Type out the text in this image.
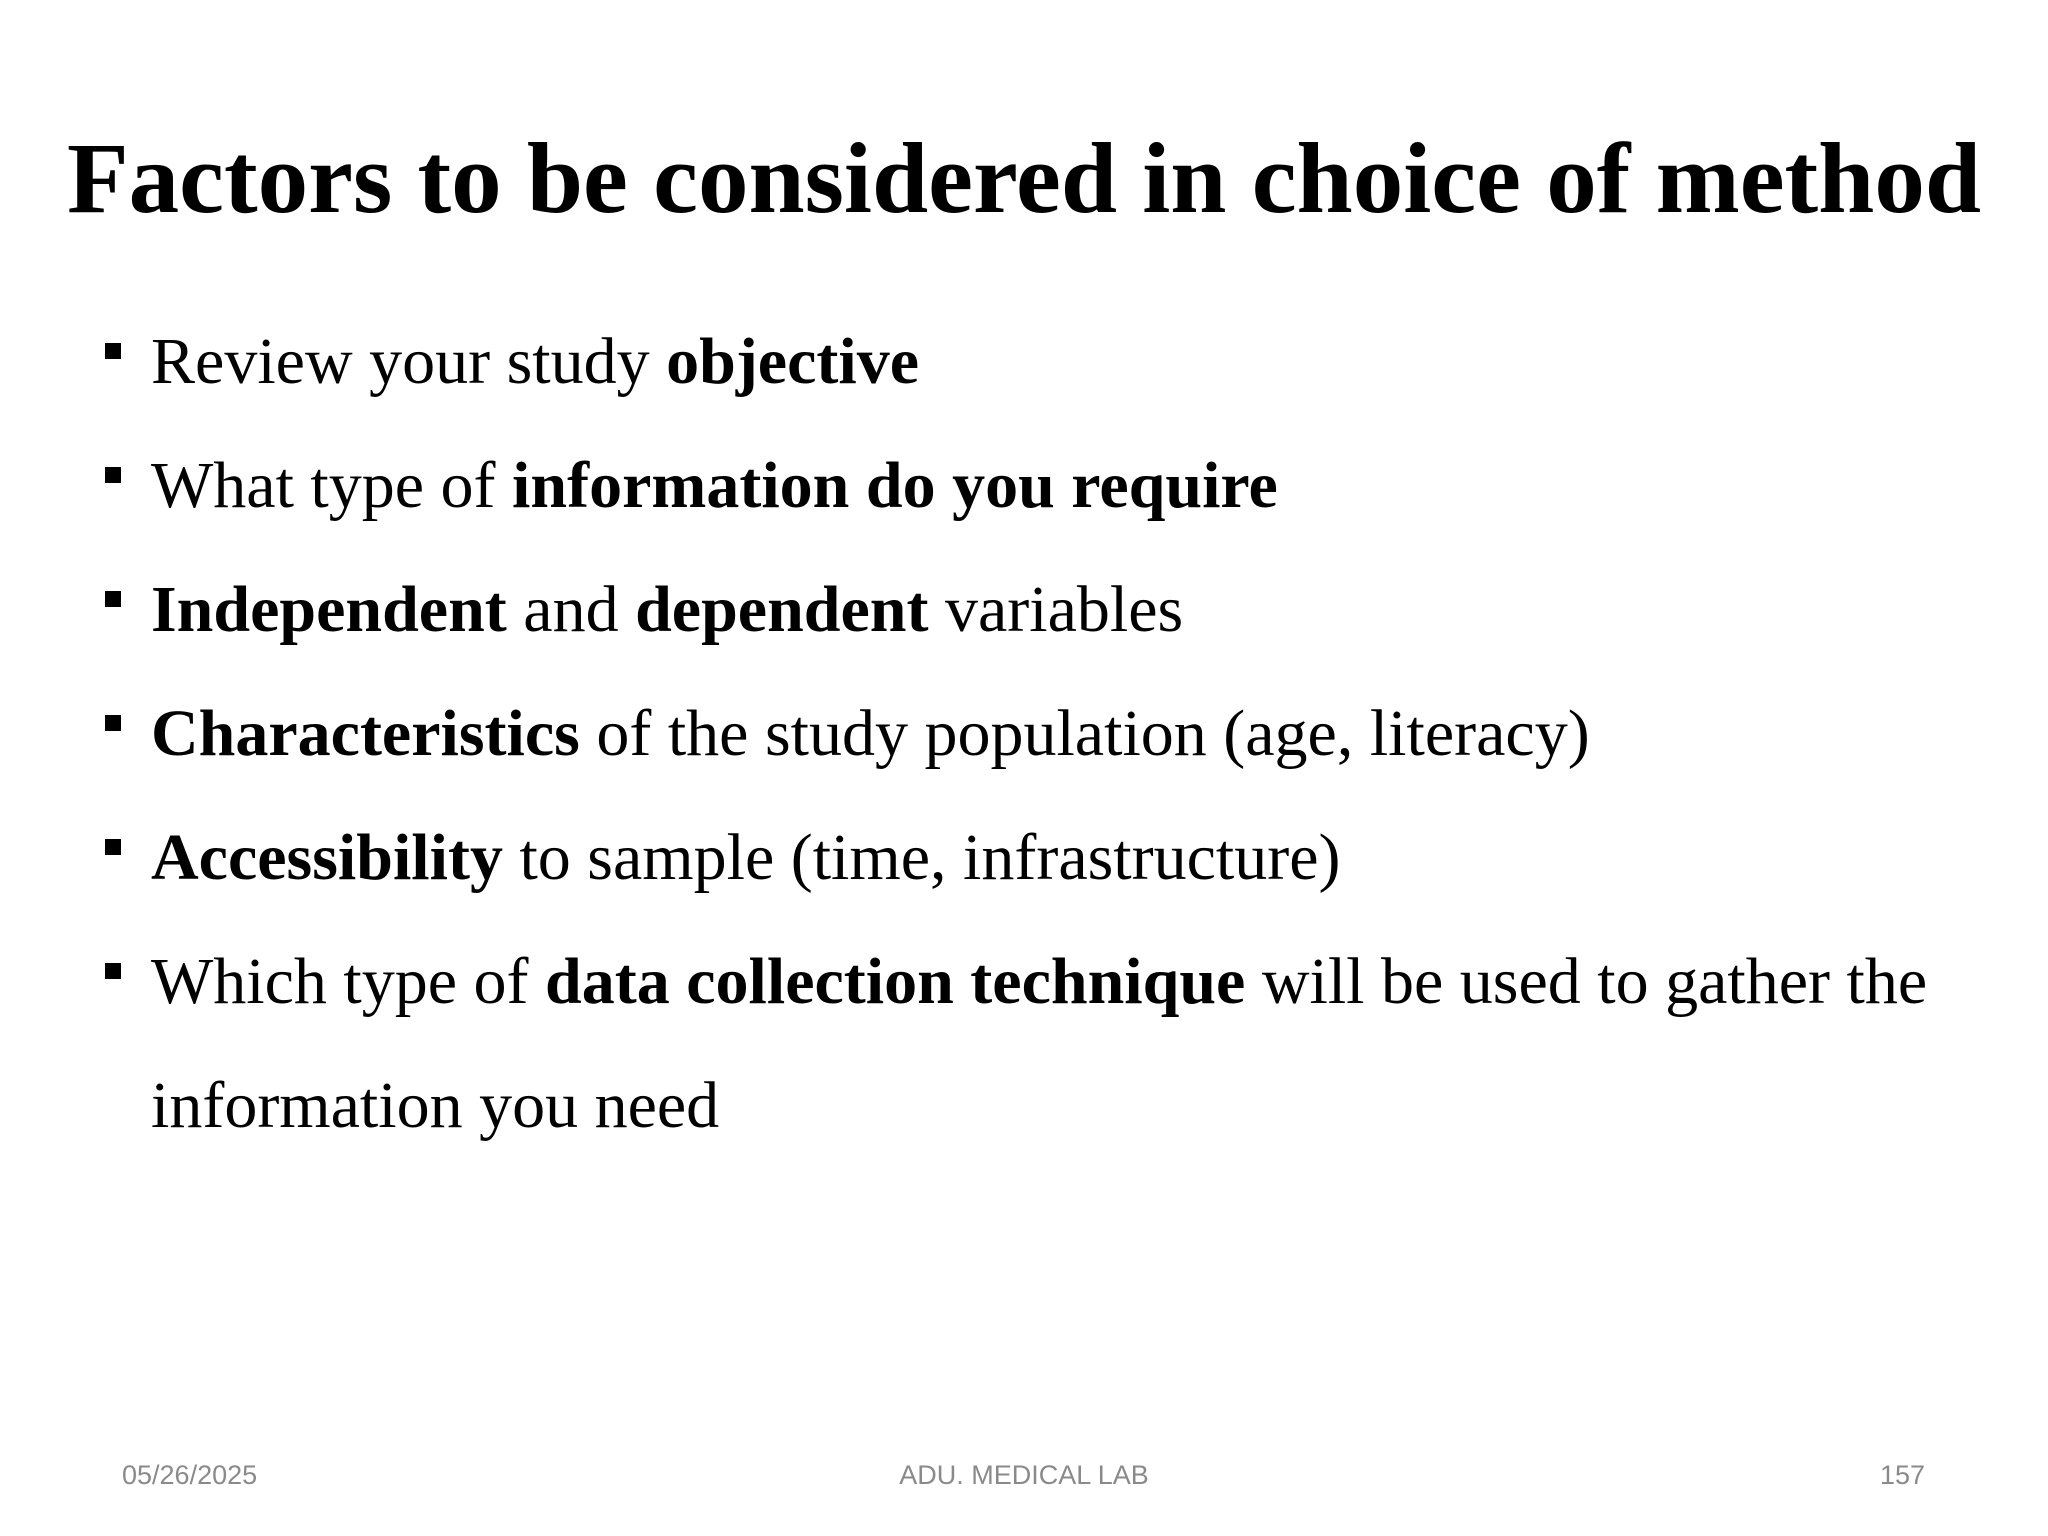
Factors to be considered in choice of method
Review your study objective
What type of information do you require
Independent and dependent variables
Characteristics of the study population (age, literacy)
Accessibility to sample (time, infrastructure)
Which type of data collection technique will be used to gather the
information you need
05/26/2025	ADU. MEDICAL LAB	157
